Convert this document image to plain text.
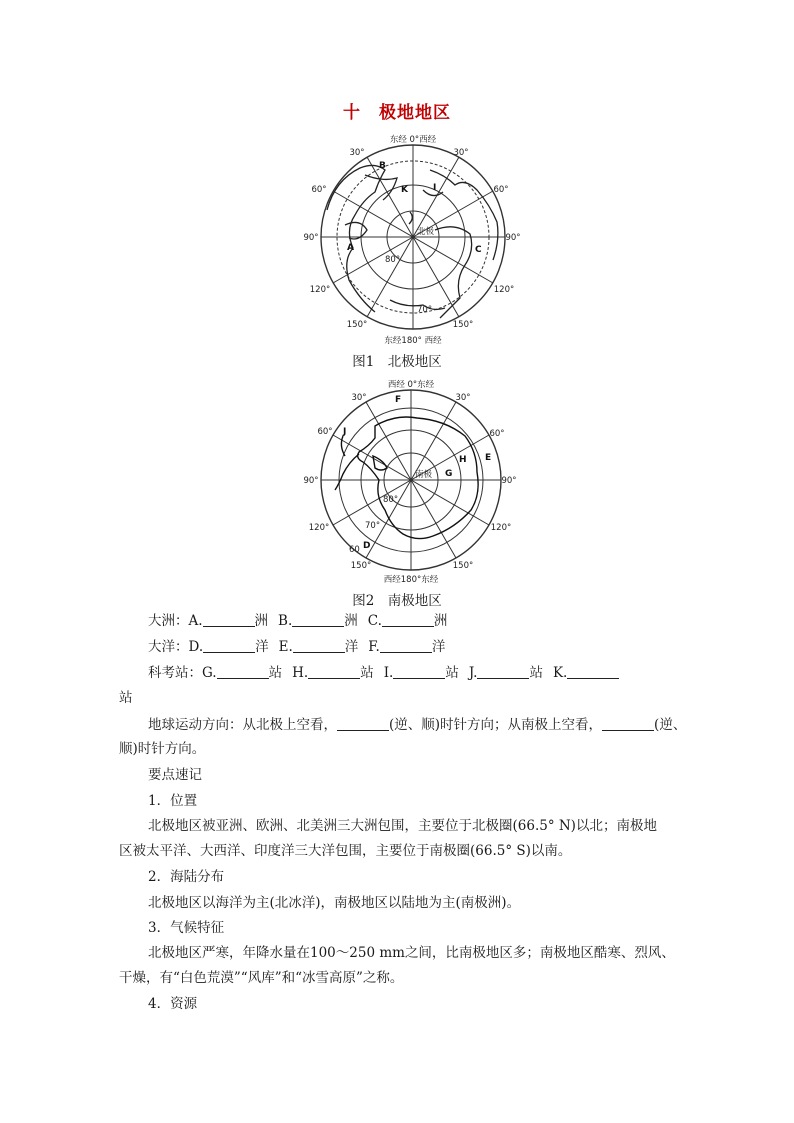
十　极地地区
东经 0°西经
东经180° 西经
30°	30°
60°	60°
90°	90°
120°	120°
150°	150°
80°
70°
北极
B
K
A	C
I
图1　北极地区
西经 0°东经
西经180°东经
30°	30°
60°	60°
90°	90°
120°	120°
150°	150°
80°
70°
60
南极
F
J
H E
G
D
图2　南极地区
大洲：A.	洲 B.	洲 C.	洲
大洋：D.	洋 E.	洋 F.	洋
科考站：G.	站 H.	站 I.	站 J.	站 K.
站
地球运动方向：从北极上空看，	(逆、顺)时针方向；从南极上空看，	(逆、
顺)时针方向。
要点速记
1．位置
北极地区被亚洲、欧洲、北美洲三大洲包围，主要位于北极圈(66.5° N)以北；南极地
区被太平洋、大西洋、印度洋三大洋包围，主要位于南极圈(66.5° S)以南。
2．海陆分布
北极地区以海洋为主(北冰洋)，南极地区以陆地为主(南极洲)。
3．气候特征
北极地区严寒，年降水量在100～250 mm之间，比南极地区多；南极地区酷寒、烈风、
干燥，有“白色荒漠”“风库”和“冰雪高原”之称。
4．资源
